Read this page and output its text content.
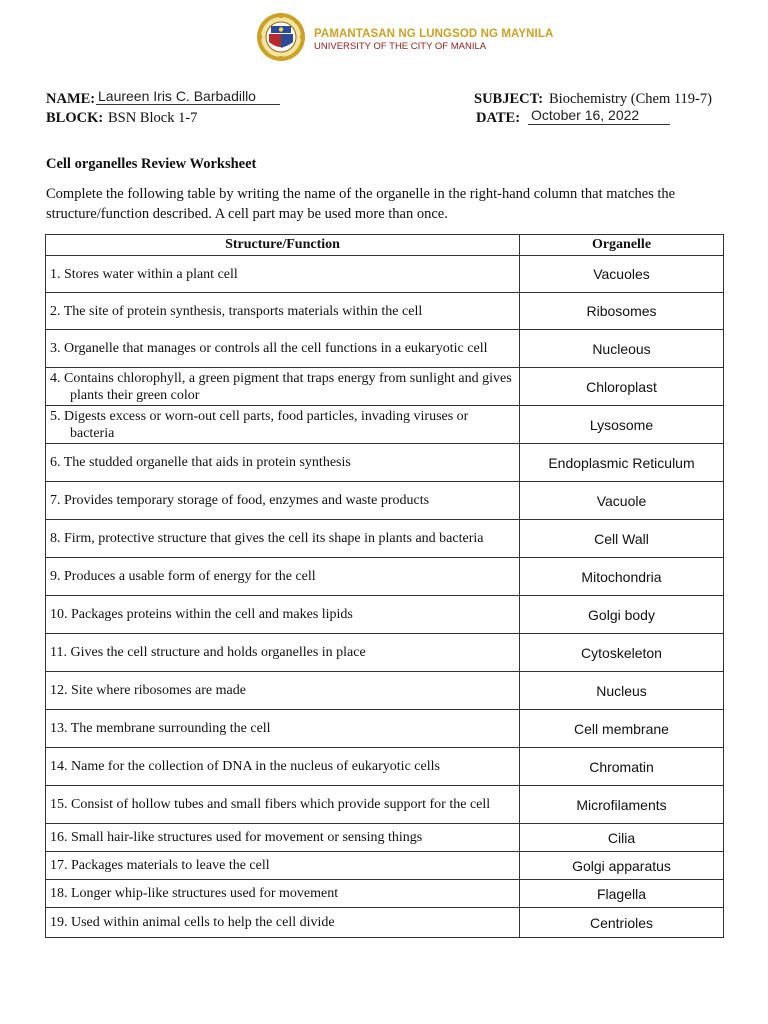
PAMANTASAN NG LUNGSOD NG MAYNILA
UNIVERSITY OF THE CITY OF MANILA
NAME: Laureen Iris C. Barbadillo
BLOCK: BSN Block 1-7
SUBJECT: Biochemistry (Chem 119-7)
DATE: October 16, 2022
Cell organelles Review Worksheet
Complete the following table by writing the name of the organelle in the right-hand column that matches the structure/function described. A cell part may be used more than once.
Structure/Function	Organelle

1. Stores water within a plant cell	Vacuoles

2. The site of protein synthesis, transports materials within the cell	Ribosomes

3. Organelle that manages or controls all the cell functions in a eukaryotic cell	Nucleous

4. Contains chlorophyll, a green pigment that traps energy from sunlight and gives plants their green color	Chloroplast

5. Digests excess or worn-out cell parts, food particles, invading viruses or bacteria	Lysosome

6. The studded organelle that aids in protein synthesis	Endoplasmic Reticulum

7. Provides temporary storage of food, enzymes and waste products	Vacuole

8. Firm, protective structure that gives the cell its shape in plants and bacteria	Cell Wall

9. Produces a usable form of energy for the cell	Mitochondria

10. Packages proteins within the cell and makes lipids	Golgi body

11. Gives the cell structure and holds organelles in place	Cytoskeleton

12. Site where ribosomes are made	Nucleus

13. The membrane surrounding the cell	Cell membrane

14. Name for the collection of DNA in the nucleus of eukaryotic cells	Chromatin

15. Consist of hollow tubes and small fibers which provide support for the cell	Microfilaments

16. Small hair-like structures used for movement or sensing things	Cilia

17. Packages materials to leave the cell	Golgi apparatus

18. Longer whip-like structures used for movement	Flagella

19. Used within animal cells to help the cell divide	Centrioles
